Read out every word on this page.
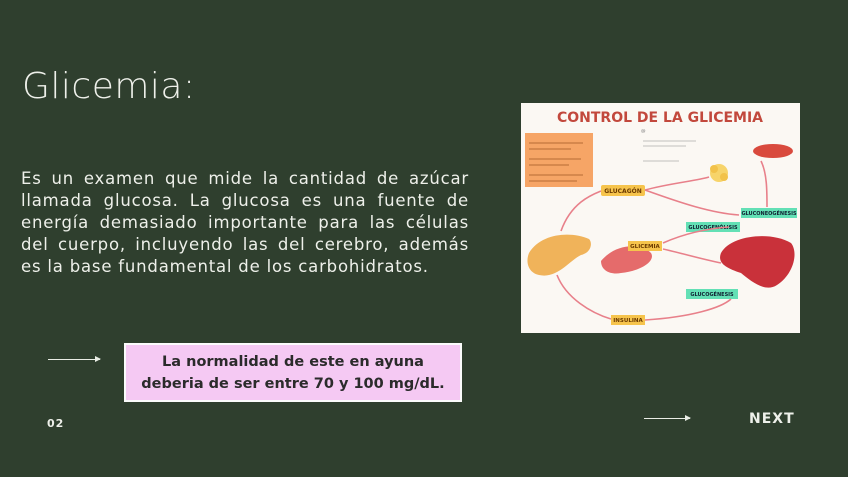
Glicemia:

Es un examen que mide la cantidad de azúcar llamada glucosa. La glucosa es una fuente de energía demasiado importante para las células del cuerpo, incluyendo las del cerebro, además es la base fundamental de los carbohidratos.

CONTROL DE LA GLICEMIA
@
GLUCAGÓN
GLUCONEOGÉNESIS
GLUCOGENÓLISIS
GLICEMIA
GLUCOGÉNESIS
INSULINA
La normalidad de este en ayuna deberia de ser entre 70 y 100 mg/dL.
02	NEXT
